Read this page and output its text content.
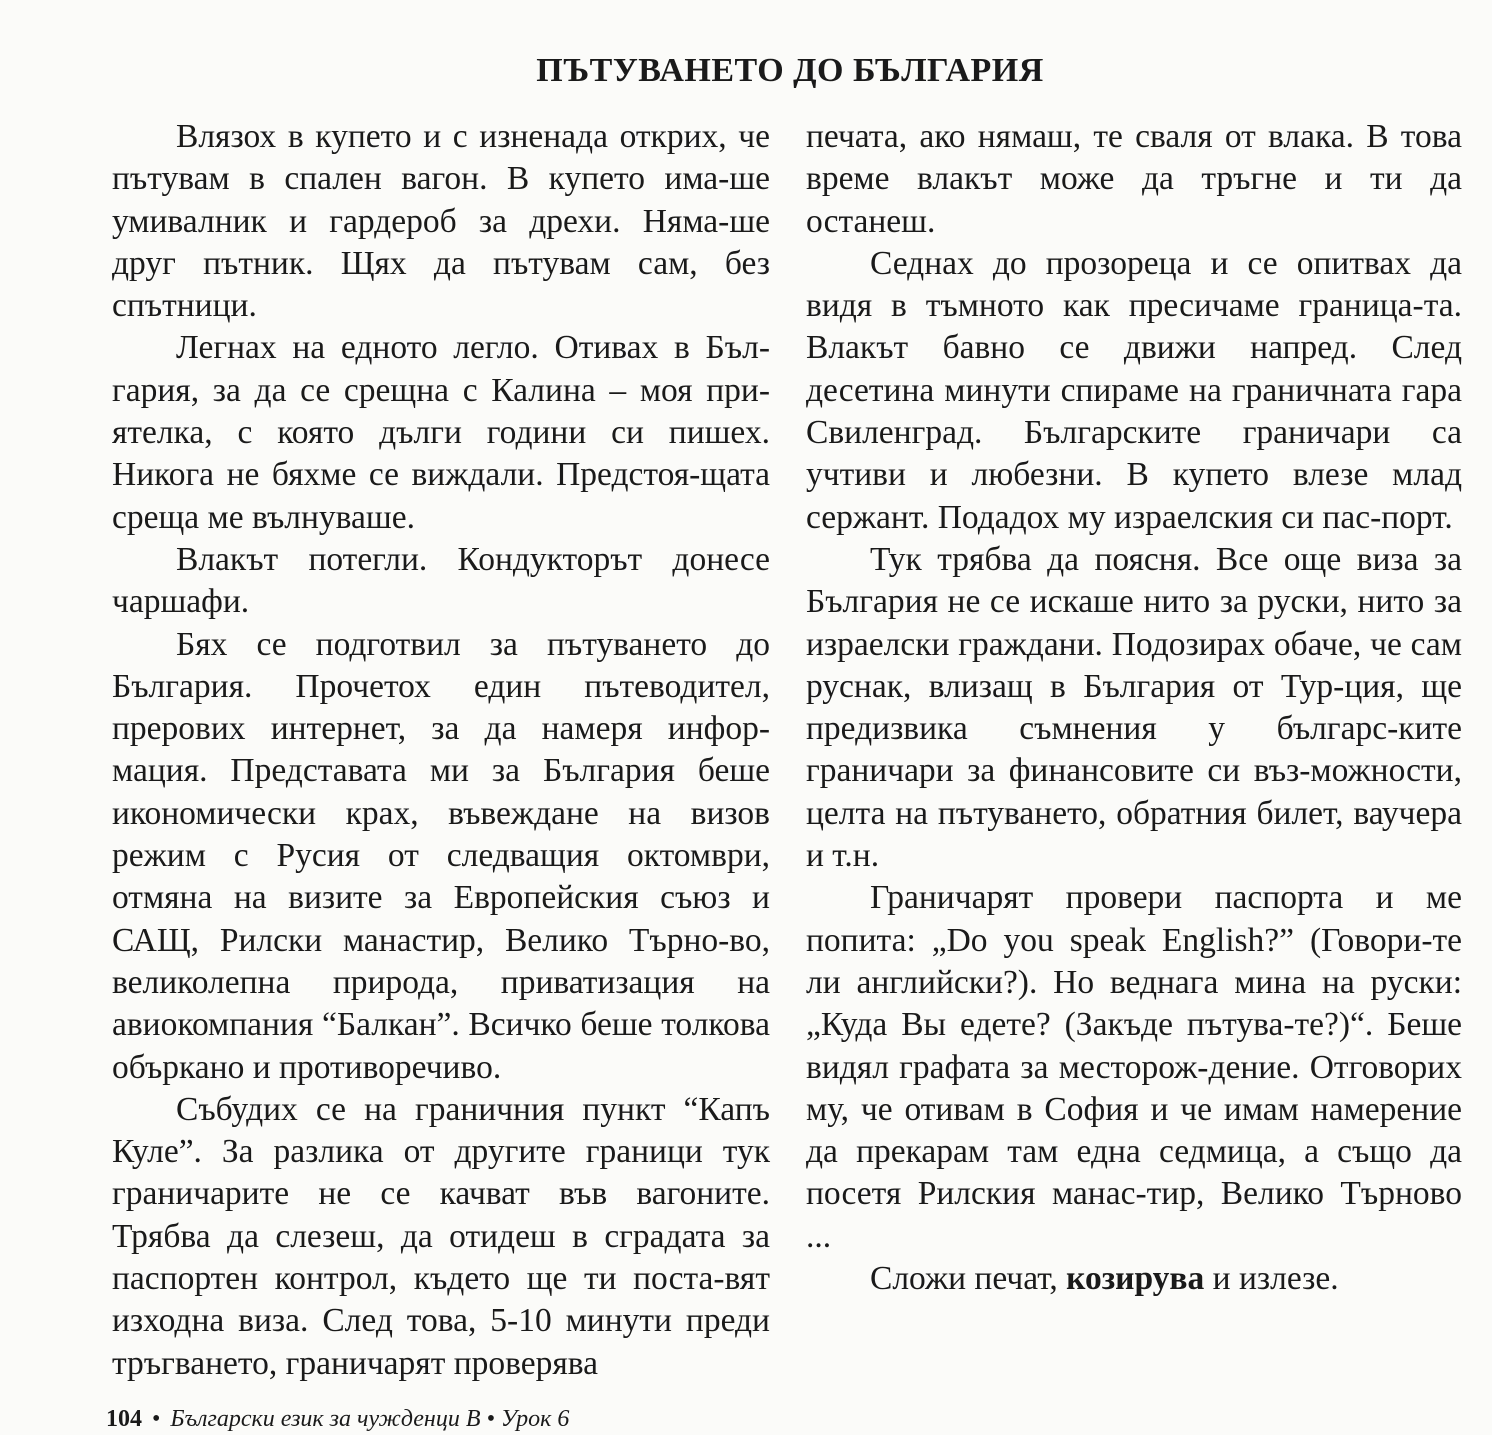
ПЪТУВАНЕТО ДО БЪЛГАРИЯ

Влязох в купето и с изненада открих, че пътувам в спален вагон. В купето има-ше умивалник и гардероб за дрехи. Няма-ше друг пътник. Щях да пътувам сам, без спътници.

Легнах на едното легло. Отивах в Бъл-гария, за да се срещна с Калина – моя при-ятелка, с която дълги години си пишех. Никога не бяхме се виждали. Предстоя-щата среща ме вълнуваше.

Влакът потегли. Кондукторът донесе чаршафи.

Бях се подготвил за пътуването до България. Прочетох един пътеводител, прерових интернет, за да намеря инфор-мация. Представата ми за България беше икономически крах, въвеждане на визов режим с Русия от следващия октомври, отмяна на визите за Европейския съюз и САЩ, Рилски манастир, Велико Търно-во, великолепна природа, приватизация на авиокомпания “Балкан”. Всичко беше толкова объркано и противоречиво.

Събудих се на граничния пункт “Капъ Куле”. За разлика от другите граници тук граничарите не се качват във вагоните. Трябва да слезеш, да отидеш в сградата за паспортен контрол, където ще ти поста-вят изходна виза. След това, 5-10 минути преди тръгването, граничарят проверява

печата, ако нямаш, те сваля от влака. В това време влакът може да тръгне и ти да останеш.

Седнах до прозореца и се опитвах да видя в тъмното как пресичаме граница-та. Влакът бавно се движи напред. След десетина минути спираме на граничната гара Свиленград. Българските граничари са учтиви и любезни. В купето влезе млад сержант. Подадох му израелския си пас-порт.

Тук трябва да поясня. Все още виза за България не се искаше нито за руски, нито за израелски граждани. Подозирах обаче, че сам руснак, влизащ в България от Тур-ция, ще предизвика съмнения у българс-ките граничари за финансовите си въз-можности, целта на пътуването, обратния билет, ваучера и т.н.

Граничарят провери паспорта и ме попита: „Do you speak English?” (Говори-те ли английски?). Но веднага мина на руски: „Куда Вы едете? (Закъде пътува-те?)“. Беше видял графата за месторож-дение. Отговорих му, че отивам в София и че имам намерение да прекарам там една седмица, а също да посетя Рилския манас-тир, Велико Търново ...

Сложи печат, козирува и излезе.

104 • Български език за чужденци В • Урок 6
